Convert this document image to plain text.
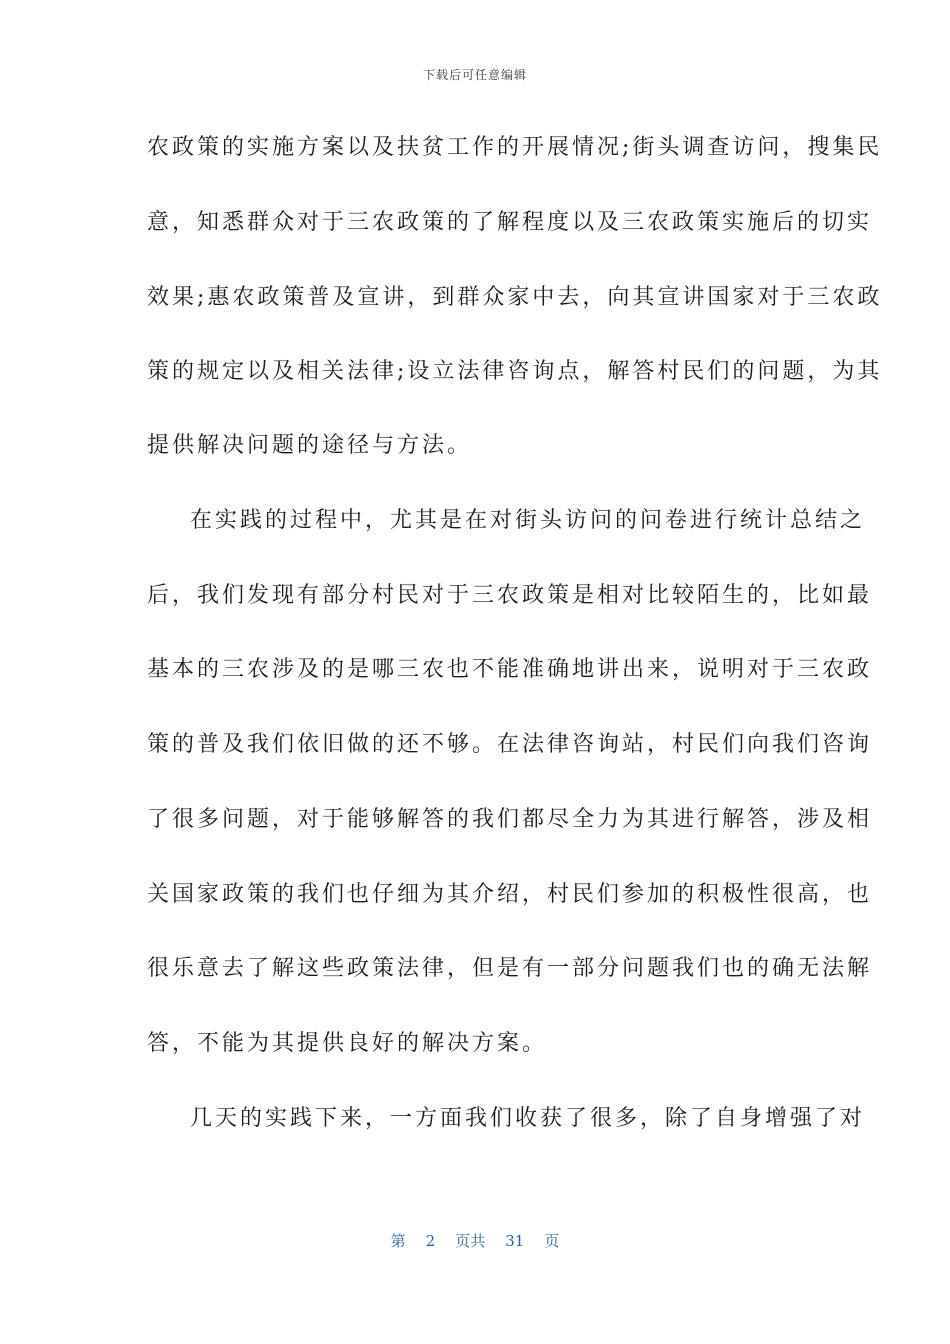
下载后可任意编辑
农政策的实施方案以及扶贫工作的开展情况;街头调查访问，搜集民
意，知悉群众对于三农政策的了解程度以及三农政策实施后的切实
效果;惠农政策普及宣讲，到群众家中去，向其宣讲国家对于三农政
策的规定以及相关法律;设立法律咨询点，解答村民们的问题，为其
提供解决问题的途径与方法。
在实践的过程中，尤其是在对街头访问的问卷进行统计总结之
后，我们发现有部分村民对于三农政策是相对比较陌生的，比如最
基本的三农涉及的是哪三农也不能准确地讲出来，说明对于三农政
策的普及我们依旧做的还不够。在法律咨询站，村民们向我们咨询
了很多问题，对于能够解答的我们都尽全力为其进行解答，涉及相
关国家政策的我们也仔细为其介绍，村民们参加的积极性很高，也
很乐意去了解这些政策法律，但是有一部分问题我们也的确无法解
答，不能为其提供良好的解决方案。
几天的实践下来，一方面我们收获了很多，除了自身增强了对
第 2 页共 31 页
